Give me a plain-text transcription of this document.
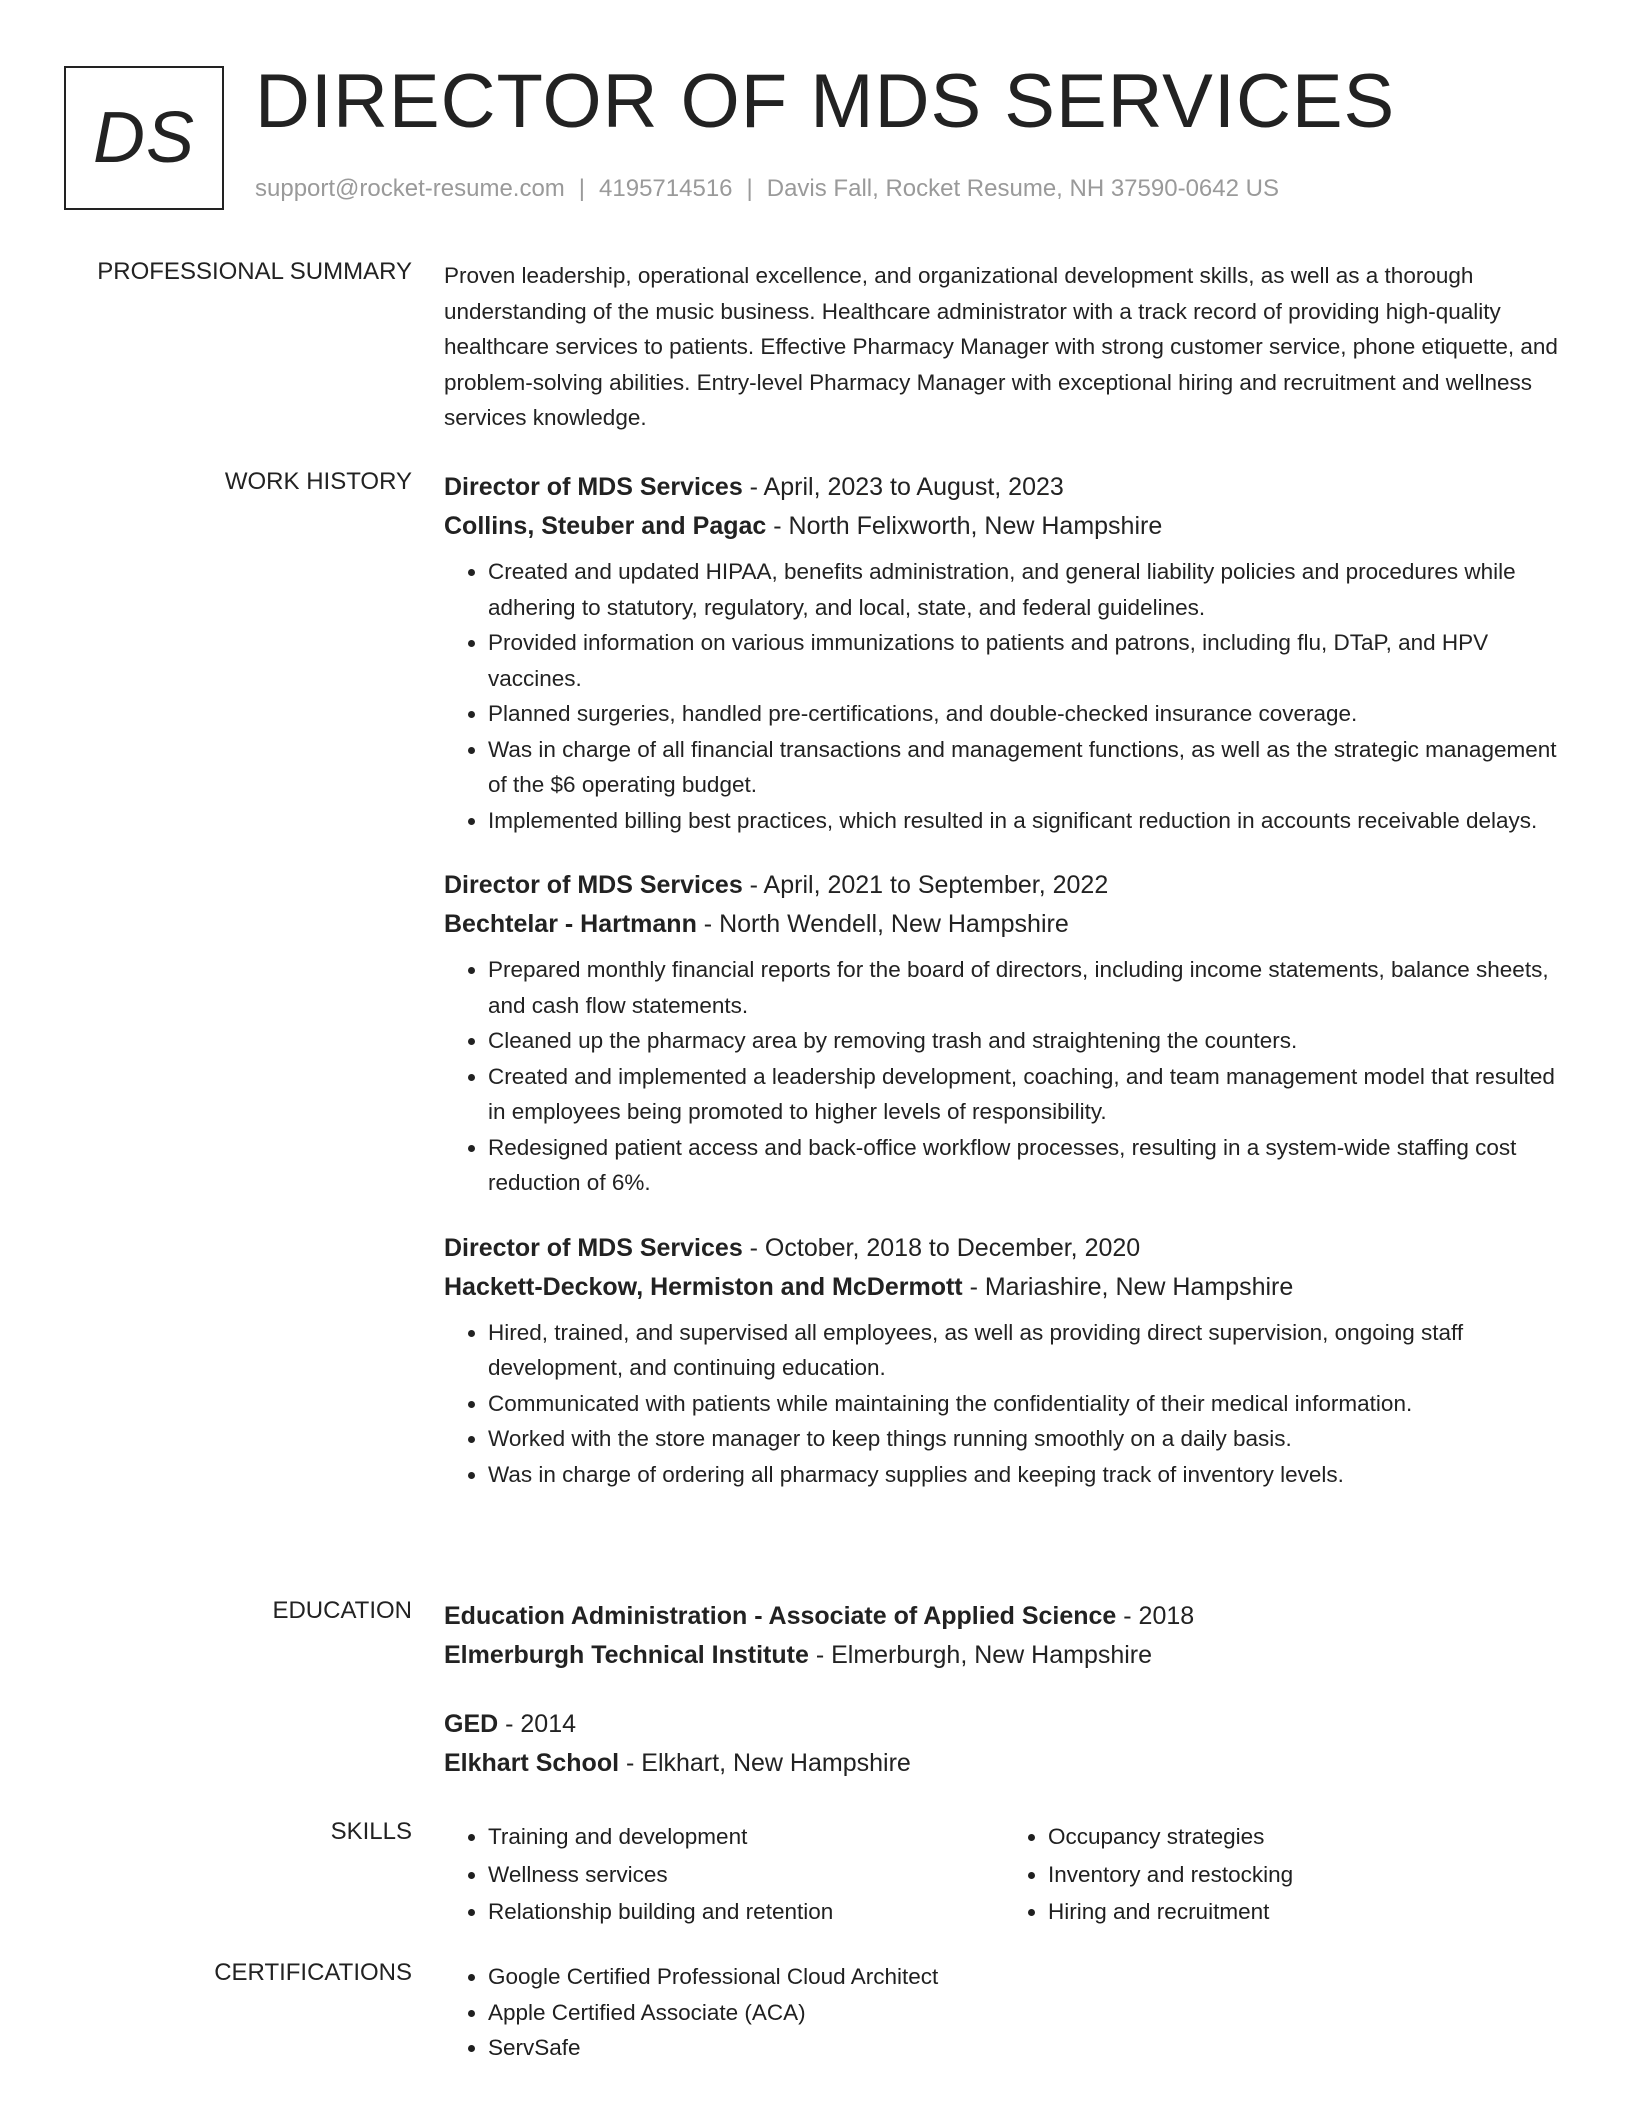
DS DIRECTOR OF MDS SERVICES
support@rocket-resume.com | 4195714516 | Davis Fall, Rocket Resume, NH 37590-0642 US
PROFESSIONAL SUMMARY Proven leadership, operational excellence, and organizational development skills, as well as a thorough understanding of the music business. Healthcare administrator with a track record of providing high-quality healthcare services to patients. Effective Pharmacy Manager with strong customer service, phone etiquette, and problem-solving abilities. Entry-level Pharmacy Manager with exceptional hiring and recruitment and wellness services knowledge.

WORK HISTORY Director of MDS Services - April, 2023 to August, 2023
Collins, Steuber and Pagac - North Felixworth, New Hampshire
• Created and updated HIPAA, benefits administration, and general liability policies and procedures while adhering to statutory, regulatory, and local, state, and federal guidelines.
• Provided information on various immunizations to patients and patrons, including flu, DTaP, and HPV vaccines.
• Planned surgeries, handled pre-certifications, and double-checked insurance coverage.
• Was in charge of all financial transactions and management functions, as well as the strategic management of the $6 operating budget.
• Implemented billing best practices, which resulted in a significant reduction in accounts receivable delays.
Director of MDS Services - April, 2021 to September, 2022
Bechtelar - Hartmann - North Wendell, New Hampshire
• Prepared monthly financial reports for the board of directors, including income statements, balance sheets, and cash flow statements.
• Cleaned up the pharmacy area by removing trash and straightening the counters.
• Created and implemented a leadership development, coaching, and team management model that resulted in employees being promoted to higher levels of responsibility.
• Redesigned patient access and back-office workflow processes, resulting in a system-wide staffing cost reduction of 6%.
Director of MDS Services - October, 2018 to December, 2020
Hackett-Deckow, Hermiston and McDermott - Mariashire, New Hampshire
• Hired, trained, and supervised all employees, as well as providing direct supervision, ongoing staff development, and continuing education.
• Communicated with patients while maintaining the confidentiality of their medical information.
• Worked with the store manager to keep things running smoothly on a daily basis.
• Was in charge of ordering all pharmacy supplies and keeping track of inventory levels.
EDUCATION Education Administration - Associate of Applied Science - 2018
Elmerburgh Technical Institute - Elmerburgh, New Hampshire
GED - 2014
Elkhart School - Elkhart, New Hampshire
SKILLS	• Training and development
• Wellness services
• Relationship building and retention
• Occupancy strategies
• Inventory and restocking
• Hiring and recruitment
CERTIFICATIONS	• Google Certified Professional Cloud Architect
• Apple Certified Associate (ACA)
• ServSafe
